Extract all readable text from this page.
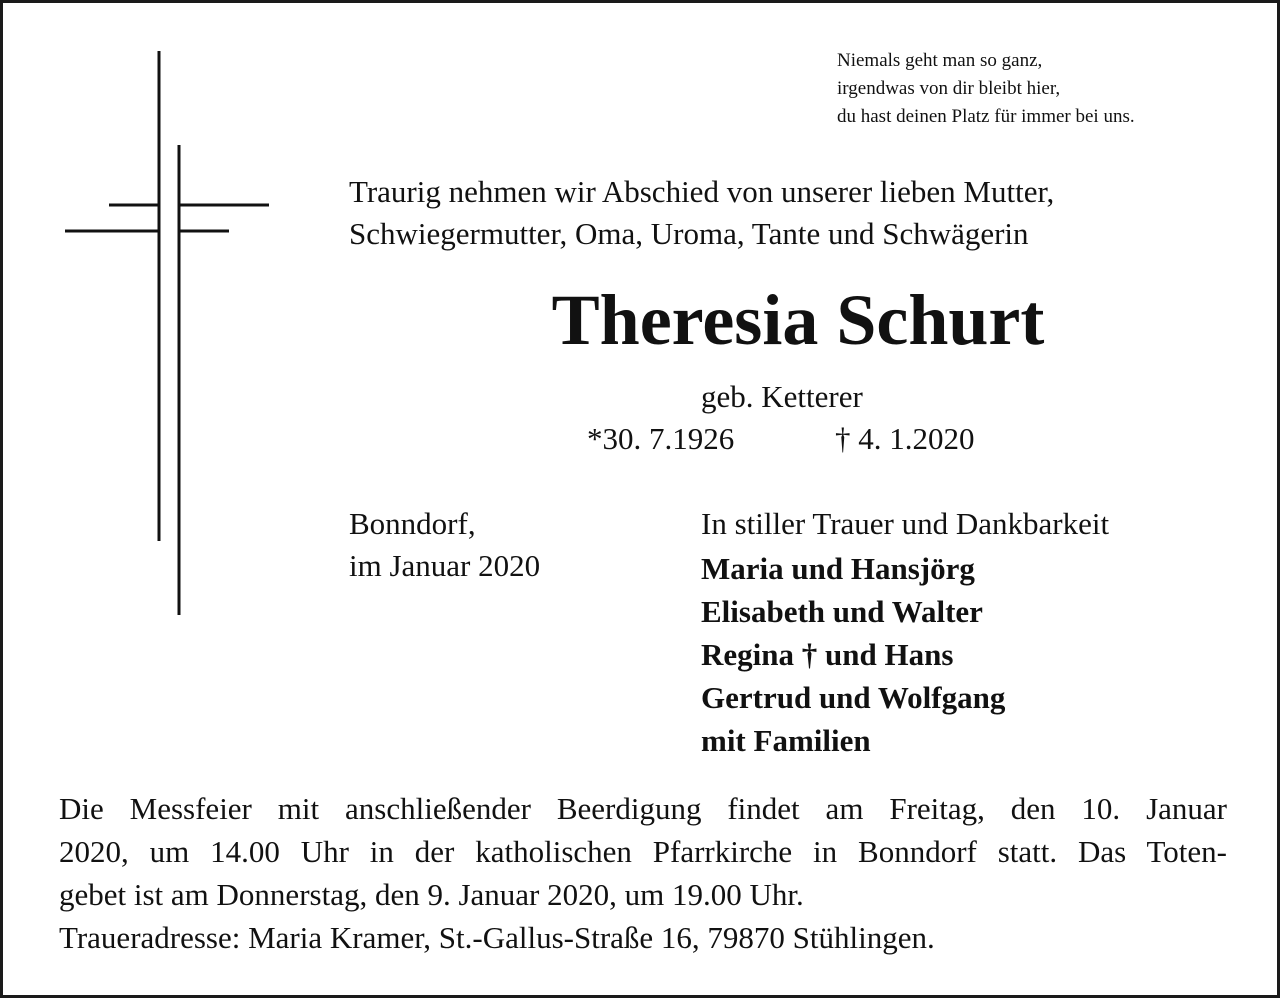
Niemals geht man so ganz,
irgendwas von dir bleibt hier,
du hast deinen Platz für immer bei uns.
Traurig nehmen wir Abschied von unserer lieben Mutter,
Schwiegermutter, Oma, Uroma, Tante und Schwägerin
Theresia Schurt
geb. Ketterer
*30. 7.1926	† 4. 1.2020
Bonndorf,
im Januar 2020
In stiller Trauer und Dankbarkeit
Maria und Hansjörg
Elisabeth und Walter
Regina † und Hans
Gertrud und Wolfgang
mit Familien
Die Messfeier mit anschließender Beerdigung findet am Freitag, den 10. Januar
2020, um 14.00 Uhr in der katholischen Pfarrkirche in Bonndorf statt. Das Toten-
gebet ist am Donnerstag, den 9. Januar 2020, um 19.00 Uhr.
Traueradresse: Maria Kramer, St.-Gallus-Straße 16, 79870 Stühlingen.
